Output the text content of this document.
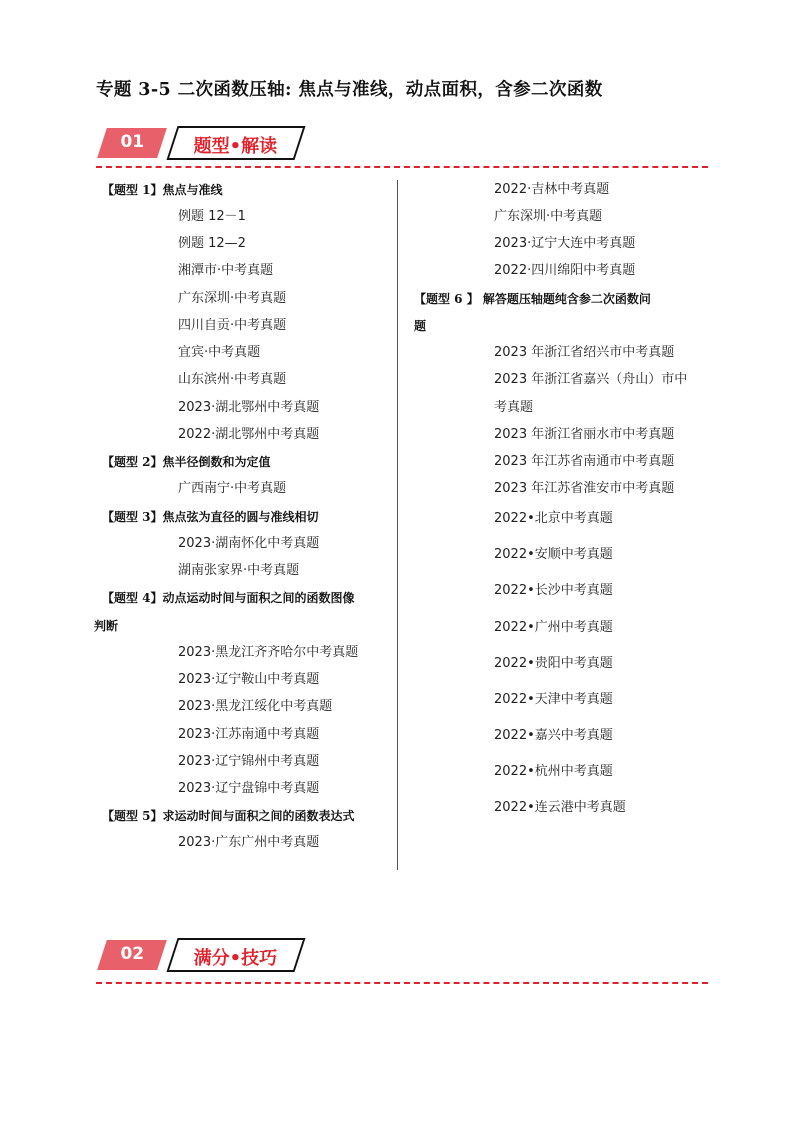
专题 3-5 二次函数压轴: 焦点与准线，动点面积，含参二次函数
01	题型•解读
【题型 1】焦点与准线
例题 12－1
例题 12—2
湘潭市·中考真题
广东深圳·中考真题
四川自贡·中考真题
宜宾·中考真题
山东滨州·中考真题
2023·湖北鄂州中考真题
2022·湖北鄂州中考真题
【题型 2】焦半径倒数和为定值
广西南宁·中考真题
【题型 3】焦点弦为直径的圆与准线相切
2023·湖南怀化中考真题
湖南张家界·中考真题
【题型 4】动点运动时间与面积之间的函数图像
判断
2023·黑龙江齐齐哈尔中考真题
2023·辽宁鞍山中考真题
2023·黑龙江绥化中考真题
2023·江苏南通中考真题
2023·辽宁锦州中考真题
2023·辽宁盘锦中考真题
【题型 5】求运动时间与面积之间的函数表达式
2023·广东广州中考真题
2022·吉林中考真题
广东深圳·中考真题
2023·辽宁大连中考真题
2022·四川绵阳中考真题
【题型 6 】 解答题压轴题纯含参二次函数问
题
2023 年浙江省绍兴市中考真题
2023 年浙江省嘉兴（舟山）市中
考真题
2023 年浙江省丽水市中考真题
2023 年江苏省南通市中考真题
2023 年江苏省淮安市中考真题
2022•北京中考真题
2022•安顺中考真题
2022•长沙中考真题
2022•广州中考真题
2022•贵阳中考真题
2022•天津中考真题
2022•嘉兴中考真题
2022•杭州中考真题
2022•连云港中考真题
02	满分•技巧
